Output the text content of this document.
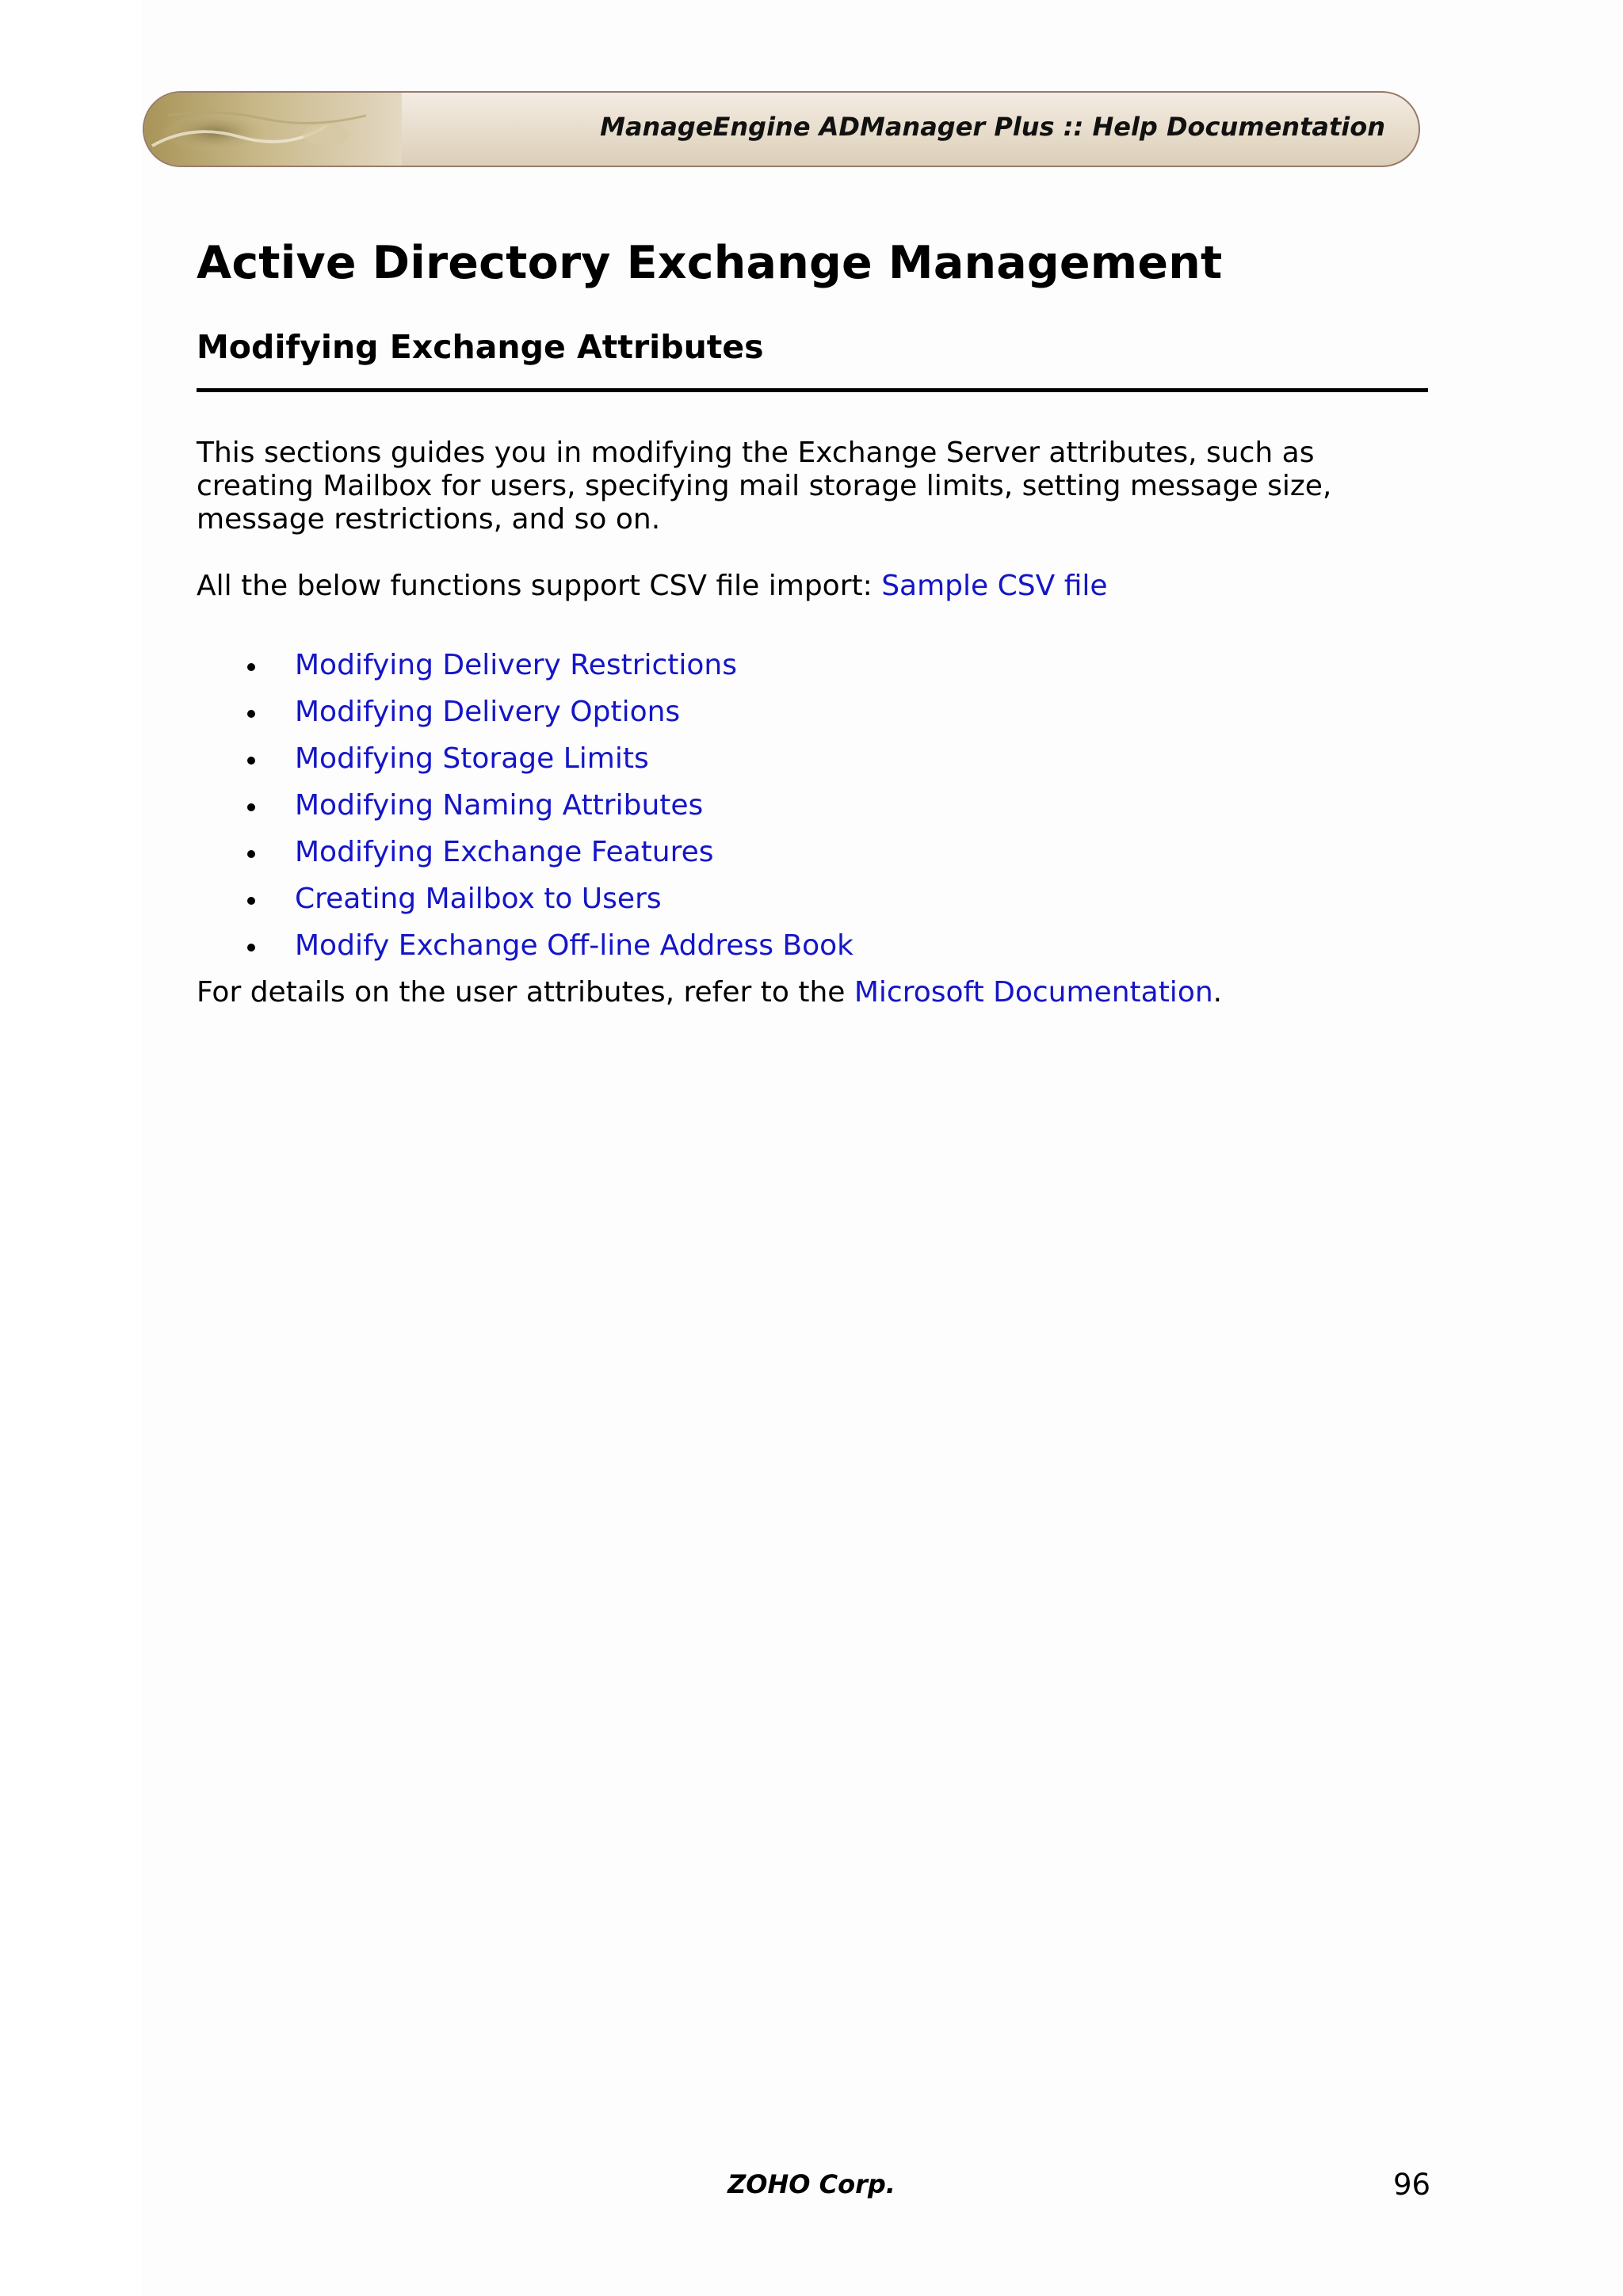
ManageEngine ADManager Plus :: Help Documentation
Active Directory Exchange Management
Modifying Exchange Attributes

This sections guides you in modifying the Exchange Server attributes, such as creating Mailbox for users, specifying mail storage limits, setting message size, message restrictions, and so on.

All the below functions support CSV file import: Sample CSV file

Modifying Delivery Restrictions
Modifying Delivery Options
Modifying Storage Limits
Modifying Naming Attributes
Modifying Exchange Features
Creating Mailbox to Users
Modify Exchange Off-line Address Book

For details on the user attributes, refer to the Microsoft Documentation.

ZOHO Corp.	96
